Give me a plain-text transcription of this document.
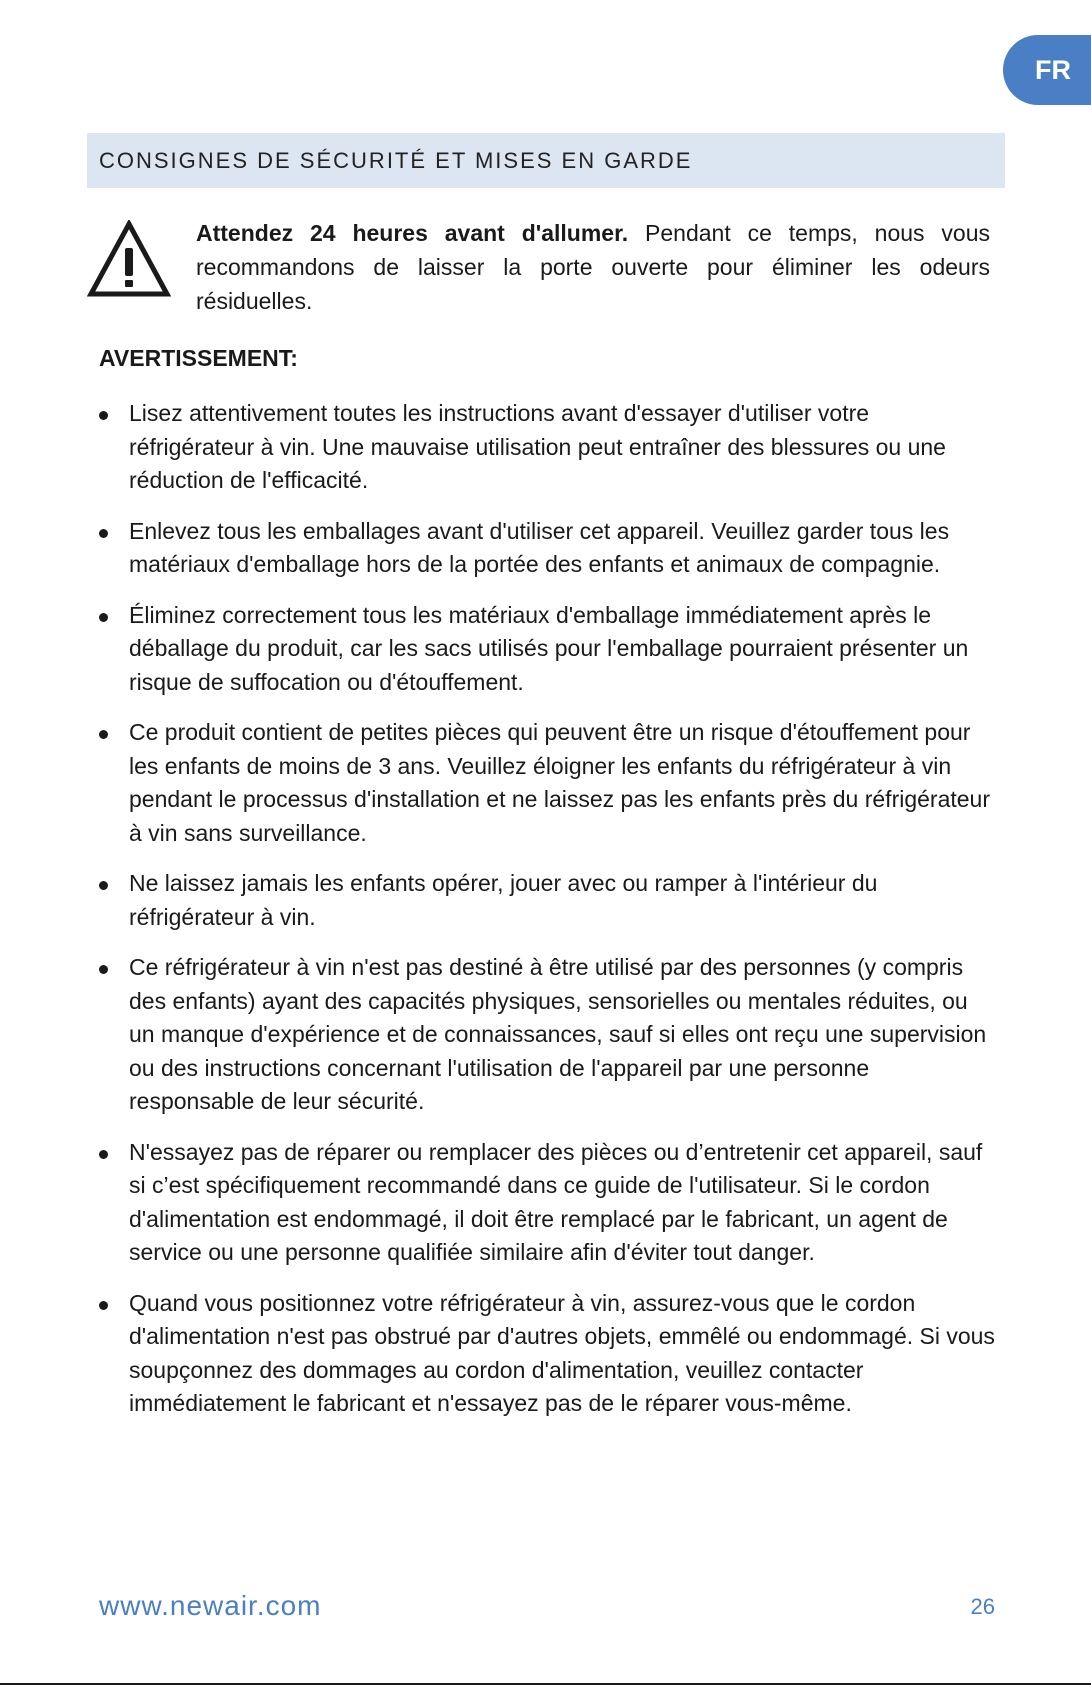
FR
CONSIGNES DE SÉCURITÉ ET MISES EN GARDE
Attendez 24 heures avant d'allumer. Pendant ce temps, nous vous recommandons de laisser la porte ouverte pour éliminer les odeurs résiduelles.
AVERTISSEMENT:
Lisez attentivement toutes les instructions avant d'essayer d'utiliser votre réfrigérateur à vin. Une mauvaise utilisation peut entraîner des blessures ou une réduction de l'efficacité.
Enlevez tous les emballages avant d'utiliser cet appareil. Veuillez garder tous les matériaux d'emballage hors de la portée des enfants et animaux de compagnie.
Éliminez correctement tous les matériaux d'emballage immédiatement après le déballage du produit, car les sacs utilisés pour l'emballage pourraient présenter un risque de suffocation ou d'étouffement.
Ce produit contient de petites pièces qui peuvent être un risque d'étouffement pour les enfants de moins de 3 ans. Veuillez éloigner les enfants du réfrigérateur à vin pendant le processus d'installation et ne laissez pas les enfants près du réfrigérateur à vin sans surveillance.
Ne laissez jamais les enfants opérer, jouer avec ou ramper à l'intérieur du réfrigérateur à vin.
Ce réfrigérateur à vin n'est pas destiné à être utilisé par des personnes (y compris des enfants) ayant des capacités physiques, sensorielles ou mentales réduites, ou un manque d'expérience et de connaissances, sauf si elles ont reçu une supervision ou des instructions concernant l'utilisation de l'appareil par une personne responsable de leur sécurité.
N'essayez pas de réparer ou remplacer des pièces ou d’entretenir cet appareil, sauf si c’est spécifiquement recommandé dans ce guide de l'utilisateur. Si le cordon d'alimentation est endommagé, il doit être remplacé par le fabricant, un agent de service ou une personne qualifiée similaire afin d'éviter tout danger.
Quand vous positionnez votre réfrigérateur à vin, assurez-vous que le cordon d'alimentation n'est pas obstrué par d'autres objets, emmêlé ou endommagé. Si vous soupçonnez des dommages au cordon d'alimentation, veuillez contacter immédiatement le fabricant et n'essayez pas de le réparer vous-même.
www.newair.com	26
